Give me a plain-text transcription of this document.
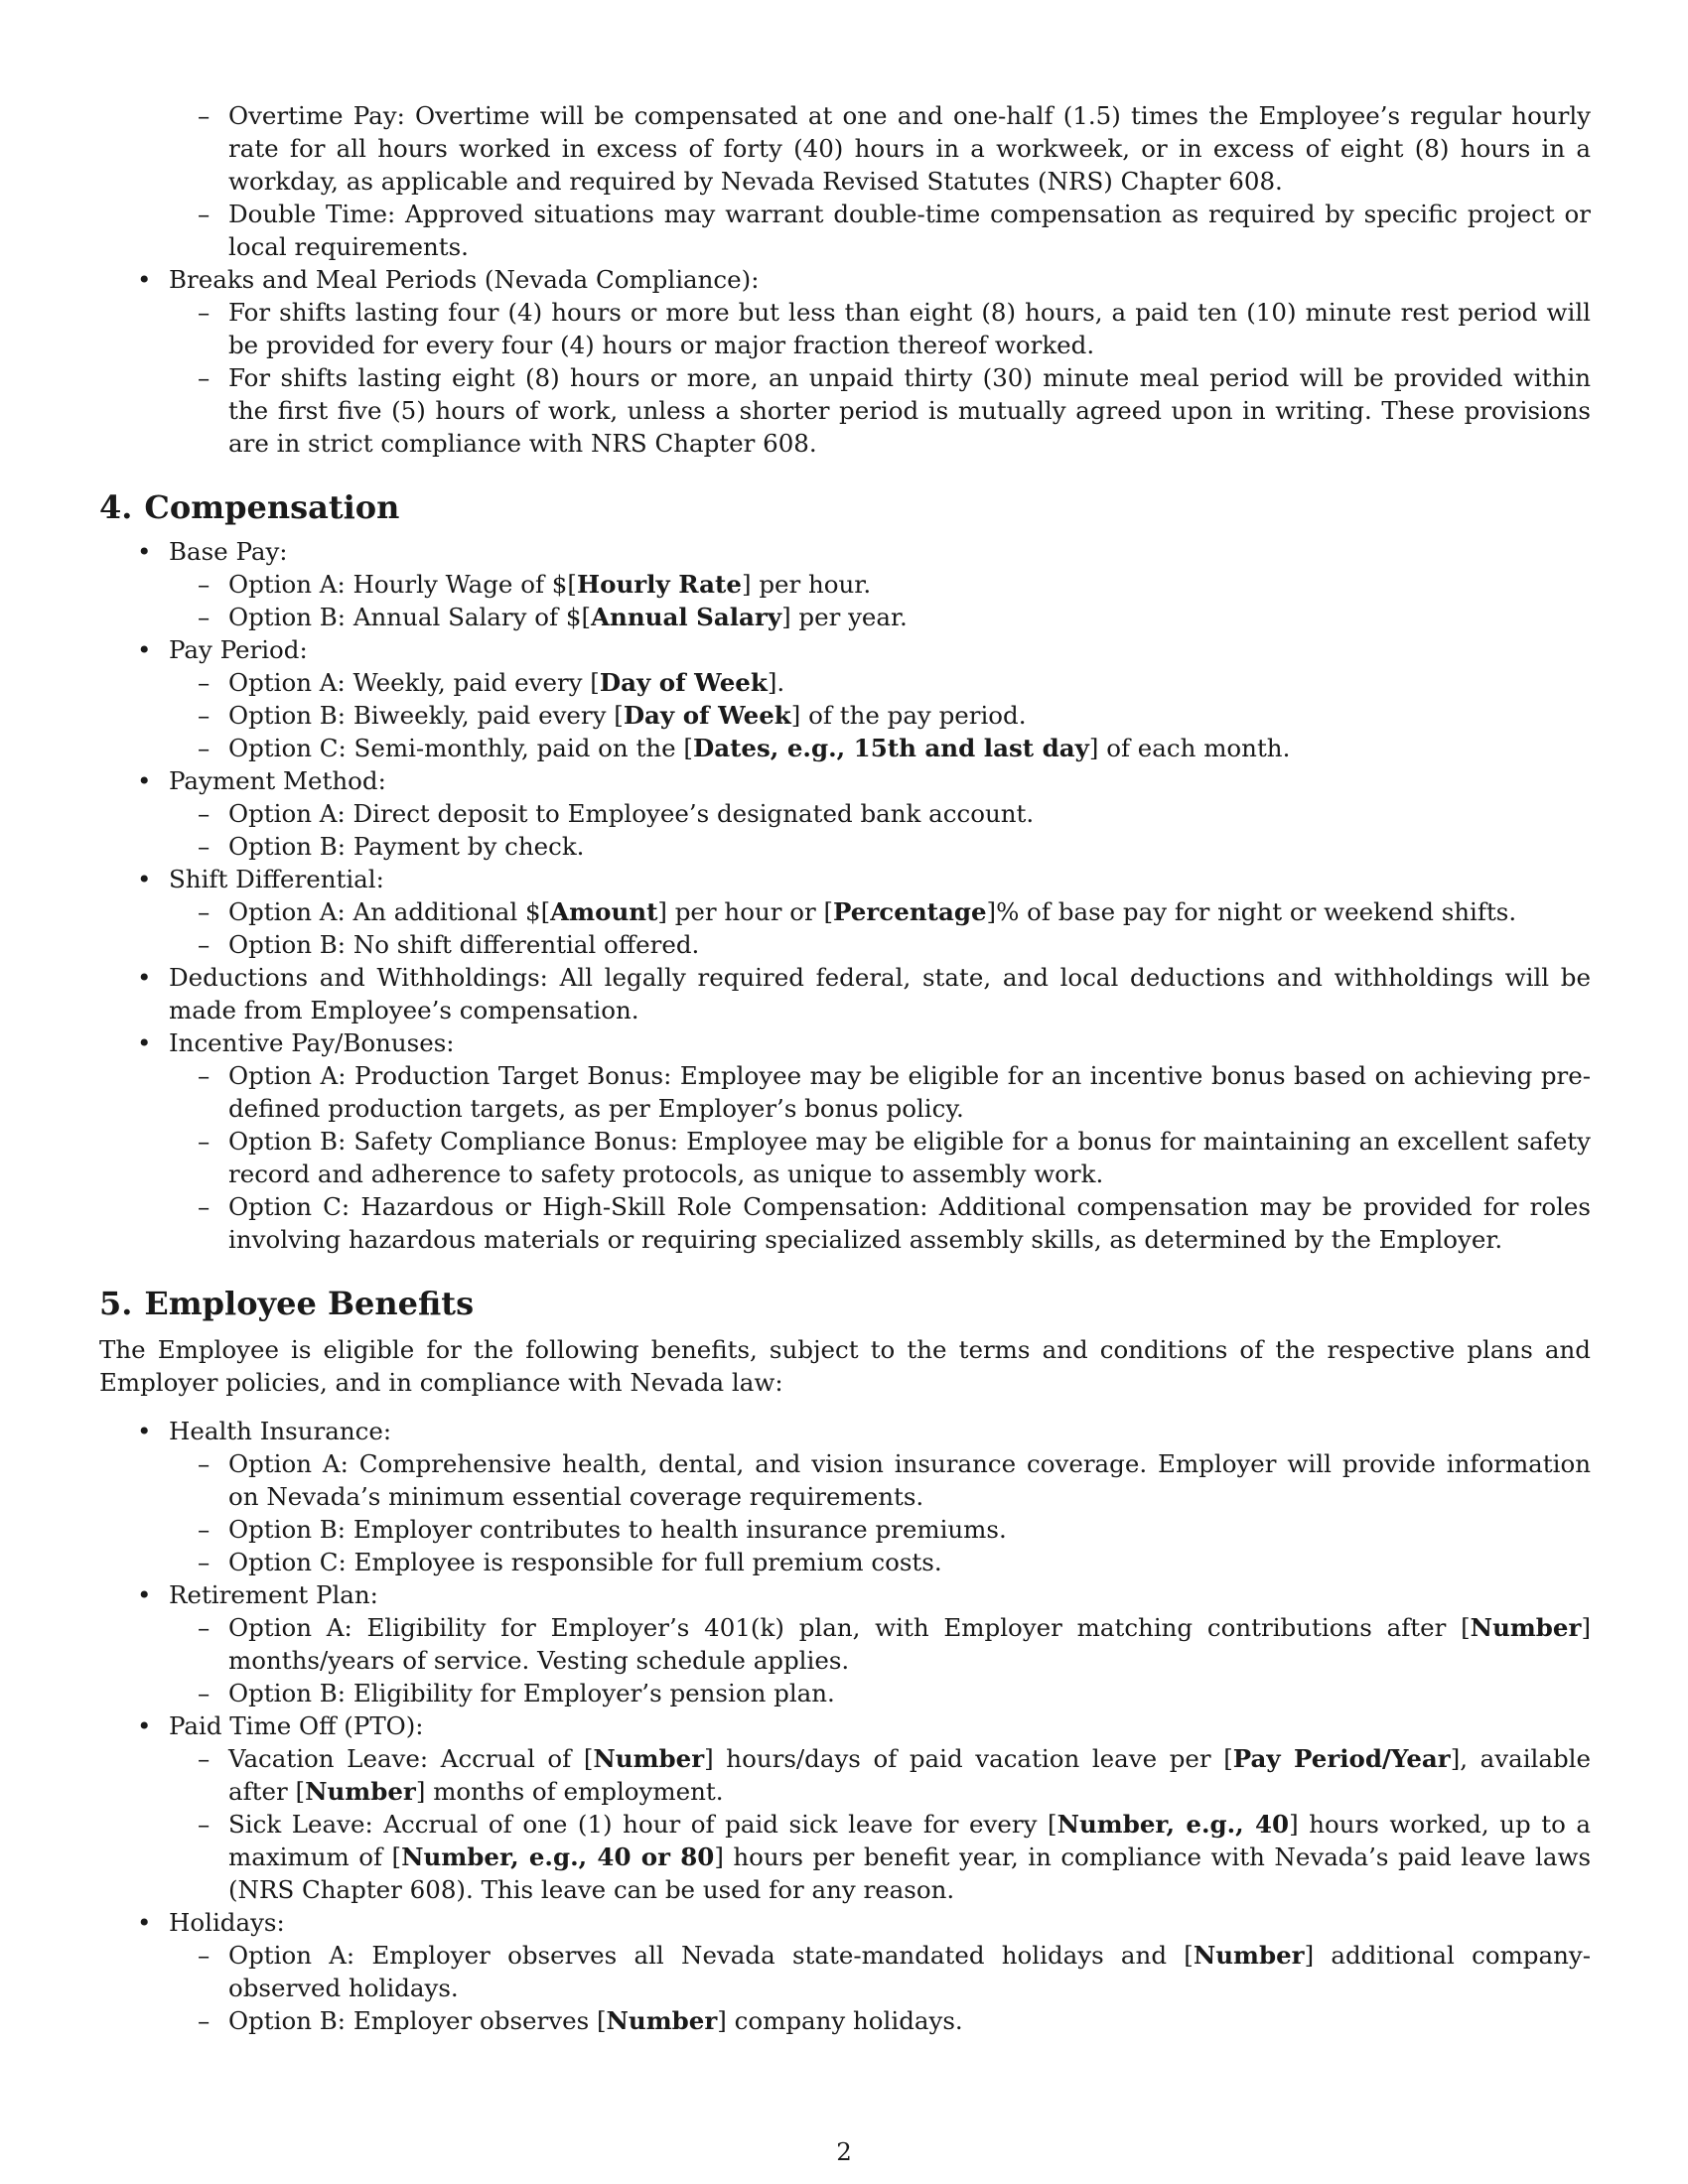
– Overtime Pay: Overtime will be compensated at one and one-half (1.5) times the Employee’s regular hourly rate for all hours worked in excess of forty (40) hours in a workweek, or in excess of eight (8) hours in a workday, as applicable and required by Nevada Revised Statutes (NRS) Chapter 608.
– Double Time: Approved situations may warrant double-time compensation as required by specific project or local requirements.
• Breaks and Meal Periods (Nevada Compliance):
– For shifts lasting four (4) hours or more but less than eight (8) hours, a paid ten (10) minute rest period will be provided for every four (4) hours or major fraction thereof worked.
– For shifts lasting eight (8) hours or more, an unpaid thirty (30) minute meal period will be provided within the first five (5) hours of work, unless a shorter period is mutually agreed upon in writing. These provisions are in strict compliance with NRS Chapter 608.
4. Compensation
• Base Pay:
– Option A: Hourly Wage of $[Hourly Rate] per hour.
– Option B: Annual Salary of $[Annual Salary] per year.
• Pay Period:
– Option A: Weekly, paid every [Day of Week].
– Option B: Biweekly, paid every [Day of Week] of the pay period.
– Option C: Semi-monthly, paid on the [Dates, e.g., 15th and last day] of each month.
• Payment Method:
– Option A: Direct deposit to Employee’s designated bank account.
– Option B: Payment by check.
• Shift Differential:
– Option A: An additional $[Amount] per hour or [Percentage]% of base pay for night or weekend shifts.
– Option B: No shift differential offered.
• Deductions and Withholdings: All legally required federal, state, and local deductions and withholdings will be made from Employee’s compensation.
• Incentive Pay/Bonuses:
– Option A: Production Target Bonus: Employee may be eligible for an incentive bonus based on achieving pre-defined production targets, as per Employer’s bonus policy.
– Option B: Safety Compliance Bonus: Employee may be eligible for a bonus for maintaining an excellent safety record and adherence to safety protocols, as unique to assembly work.
– Option C: Hazardous or High-Skill Role Compensation: Additional compensation may be provided for roles involving hazardous materials or requiring specialized assembly skills, as determined by the Employer.
5. Employee Benefits

The Employee is eligible for the following benefits, subject to the terms and conditions of the respective plans and Employer policies, and in compliance with Nevada law:

• Health Insurance:
– Option A: Comprehensive health, dental, and vision insurance coverage. Employer will provide information on Nevada’s minimum essential coverage requirements.
– Option B: Employer contributes to health insurance premiums.
– Option C: Employee is responsible for full premium costs.
• Retirement Plan:
– Option A: Eligibility for Employer’s 401(k) plan, with Employer matching contributions after [Number] months/years of service. Vesting schedule applies.
– Option B: Eligibility for Employer’s pension plan.
• Paid Time Off (PTO):
– Vacation Leave: Accrual of [Number] hours/days of paid vacation leave per [Pay Period/Year], available after [Number] months of employment.
– Sick Leave: Accrual of one (1) hour of paid sick leave for every [Number, e.g., 40] hours worked, up to a maximum of [Number, e.g., 40 or 80] hours per benefit year, in compliance with Nevada’s paid leave laws (NRS Chapter 608). This leave can be used for any reason.
• Holidays:
– Option A: Employer observes all Nevada state-mandated holidays and [Number] additional company-observed holidays.
– Option B: Employer observes [Number] company holidays.
2
